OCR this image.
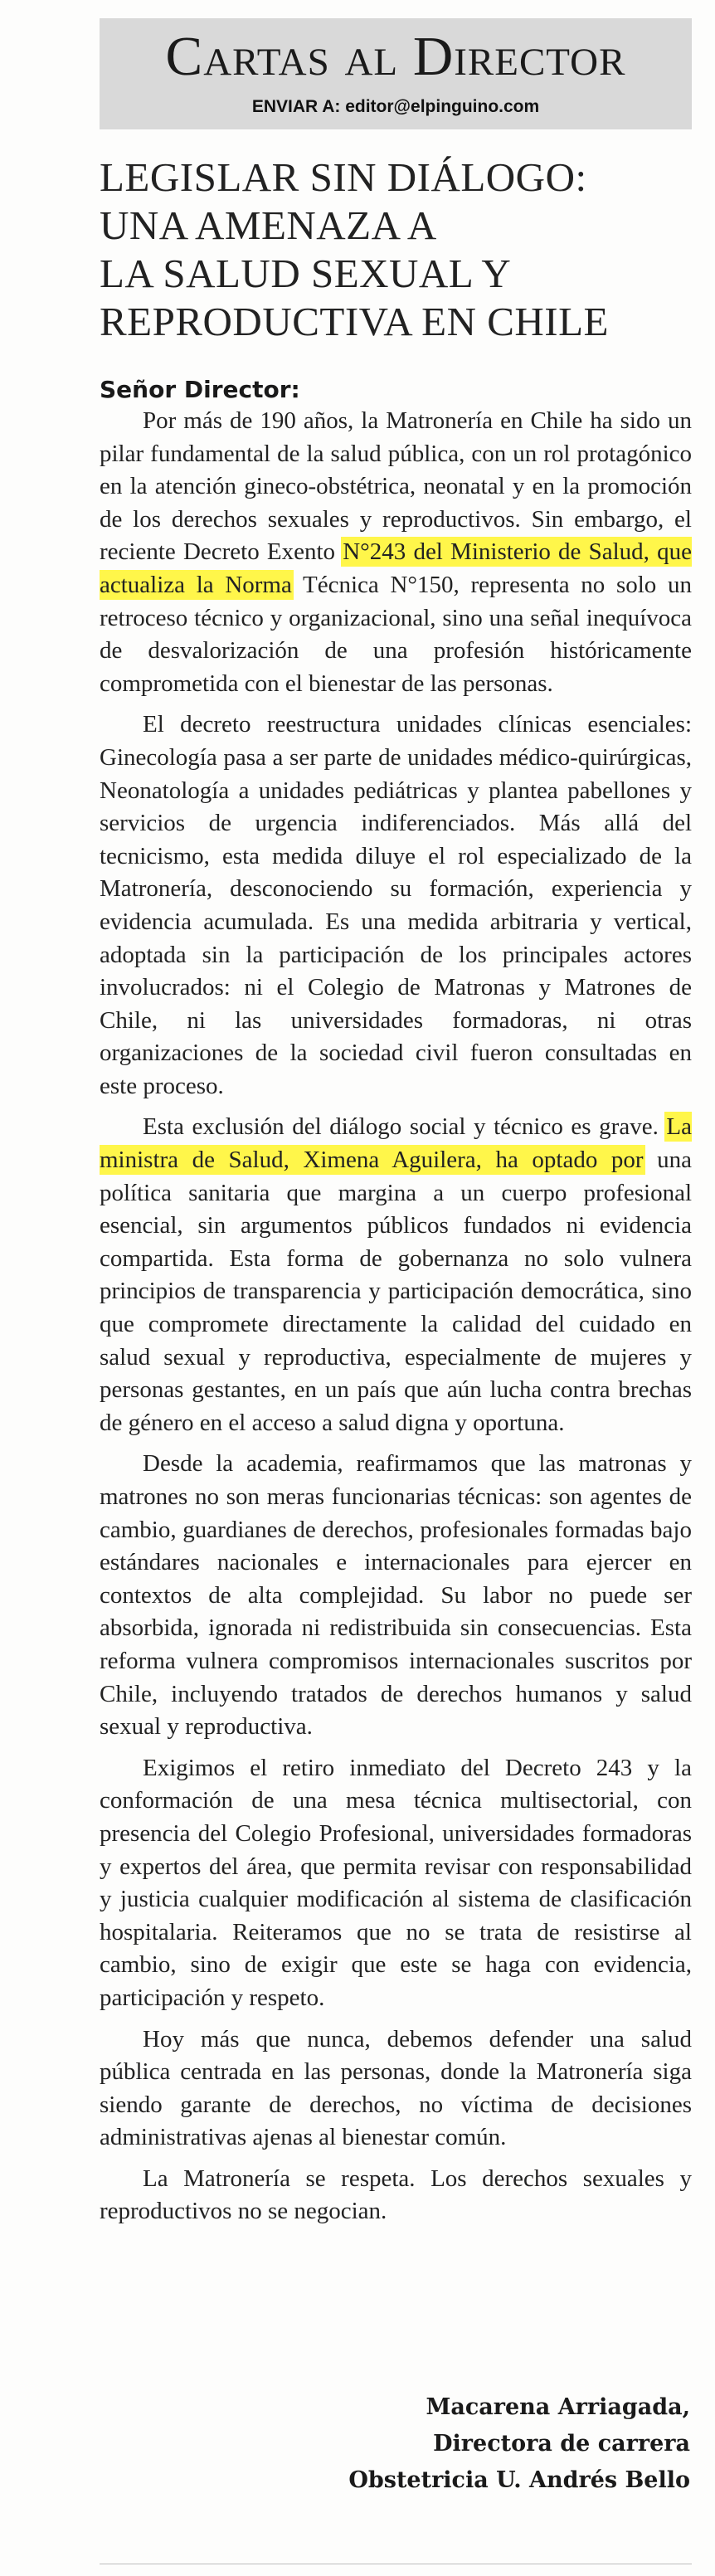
Cartas al Director
ENVIAR A: editor@elpinguino.com
LEGISLAR SIN DIÁLOGO:
UNA AMENAZA A
LA SALUD SEXUAL Y
REPRODUCTIVA EN CHILE
Señor Director:

Por más de 190 años, la Matronería en Chile ha sido un pilar fundamental de la salud pública, con un rol protagónico en la atención gineco-obstétrica, neonatal y en la promoción de los derechos sexuales y reproductivos. Sin embargo, el reciente Decreto Exento N°243 del Ministerio de Salud, que actualiza la Norma Técnica N°150, representa no solo un retroceso técnico y organizacional, sino una señal inequívoca de desvalorización de una profesión históricamente comprometida con el bienestar de las personas.

El decreto reestructura unidades clínicas esenciales: Ginecología pasa a ser parte de unidades médico-quirúrgicas, Neonatología a unidades pediátricas y plantea pabellones y servicios de urgencia indiferenciados. Más allá del tecnicismo, esta medida diluye el rol especializado de la Matronería, desconociendo su formación, experiencia y evidencia acumulada. Es una medida arbitraria y vertical, adoptada sin la participación de los principales actores involucrados: ni el Colegio de Matronas y Matrones de Chile, ni las universidades formadoras, ni otras organizaciones de la sociedad civil fueron consultadas en este proceso.

Esta exclusión del diálogo social y técnico es grave. La ministra de Salud, Ximena Aguilera, ha optado por una política sanitaria que margina a un cuerpo profesional esencial, sin argumentos públicos fundados ni evidencia compartida. Esta forma de gobernanza no solo vulnera principios de transparencia y participación democrática, sino que compromete directamente la calidad del cuidado en salud sexual y reproductiva, especialmente de mujeres y personas gestantes, en un país que aún lucha contra brechas de género en el acceso a salud digna y oportuna.

Desde la academia, reafirmamos que las matronas y matrones no son meras funcionarias técnicas: son agentes de cambio, guardianes de derechos, profesionales formadas bajo estándares nacionales e internacionales para ejercer en contextos de alta complejidad. Su labor no puede ser absorbida, ignorada ni redistribuida sin consecuencias. Esta reforma vulnera compromisos internacionales suscritos por Chile, incluyendo tratados de derechos humanos y salud sexual y reproductiva.

Exigimos el retiro inmediato del Decreto 243 y la conformación de una mesa técnica multisectorial, con presencia del Colegio Profesional, universidades formadoras y expertos del área, que permita revisar con responsabilidad y justicia cualquier modificación al sistema de clasificación hospitalaria. Reiteramos que no se trata de resistirse al cambio, sino de exigir que este se haga con evidencia, participación y respeto.

Hoy más que nunca, debemos defender una salud pública centrada en las personas, donde la Matronería siga siendo garante de derechos, no víctima de decisiones administrativas ajenas al bienestar común.

La Matronería se respeta. Los derechos sexuales y reproductivos no se negocian.

Macarena Arriagada,
Directora de carrera
Obstetricia U. Andrés Bello
